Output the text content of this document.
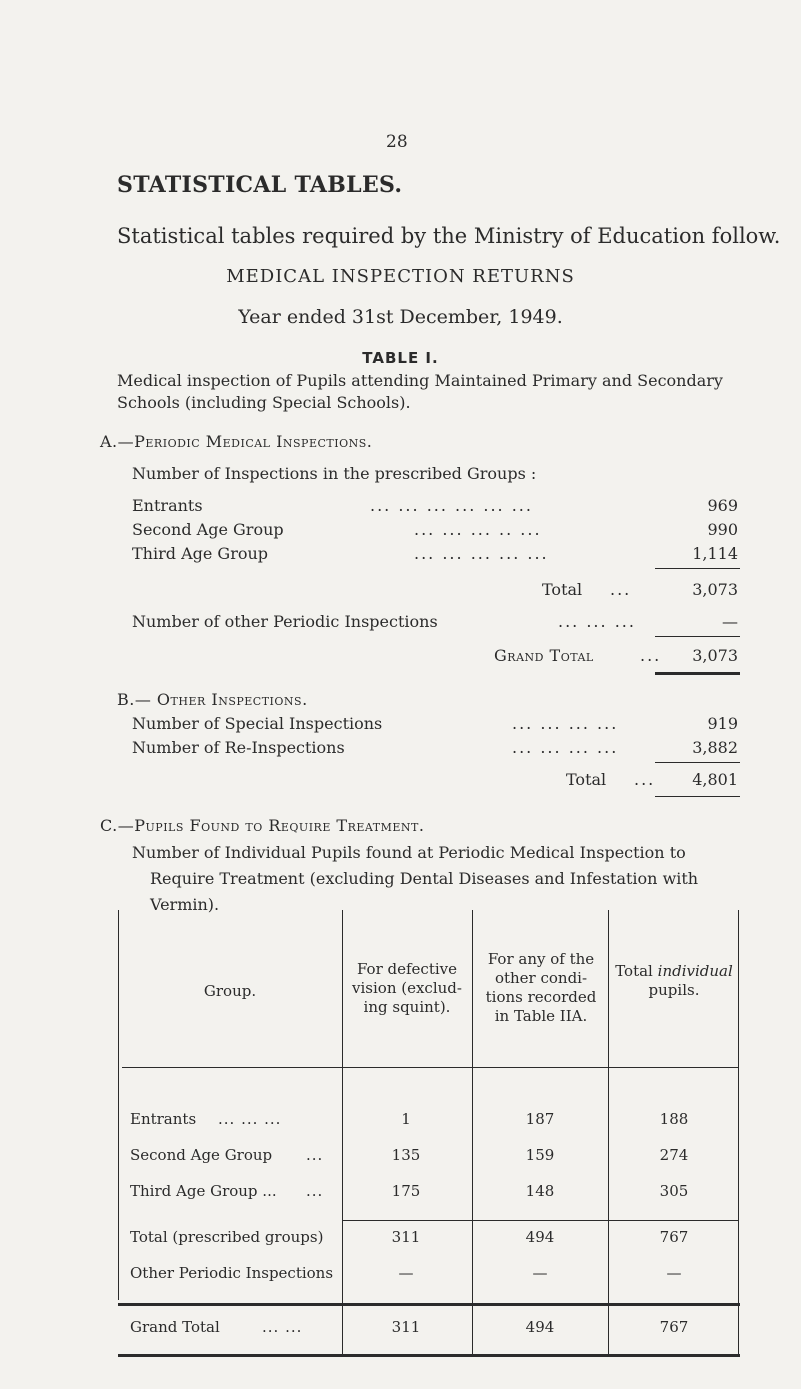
28
STATISTICAL TABLES.
Statistical tables required by the Ministry of Education follow.
MEDICAL INSPECTION RETURNS
Year ended 31st December, 1949.
TABLE I.
Medical inspection of Pupils attending Maintained Primary and Secondary Schools (including Special Schools).
A.—Periodic Medical Inspections.
Number of Inspections in the prescribed Groups :
Entrants	... ... ... ... ... ...	969
Second Age Group	... ... ... .. ...	990
Third Age Group	... ... ... ... ...	1,114
Total ...	3,073
Number of other Periodic Inspections	... ... ...	—
Grand Total	...	3,073
B.— Other Inspections.
Number of Special Inspections	... ... ... ...	919
Number of Re-Inspections	... ... ... ...	3,882
Total ...	4,801
C.—Pupils Found to Require Treatment.
Number of Individual Pupils found at Periodic Medical Inspection to Require Treatment (excluding Dental Diseases and Infestation with Vermin).
Group.
For defective vision (exclud-ing squint).
For any of the other condi-tions recorded in Table IIA.
Total individual pupils.
Entrants ... ... ...	1	187	188
Second Age Group ...	135	159	274
Third Age Group ... ...	175	148	305
Total (prescribed groups)	311	494	767
Other Periodic Inspections	—	—	—
Grand Total	... ...	311	494	767
